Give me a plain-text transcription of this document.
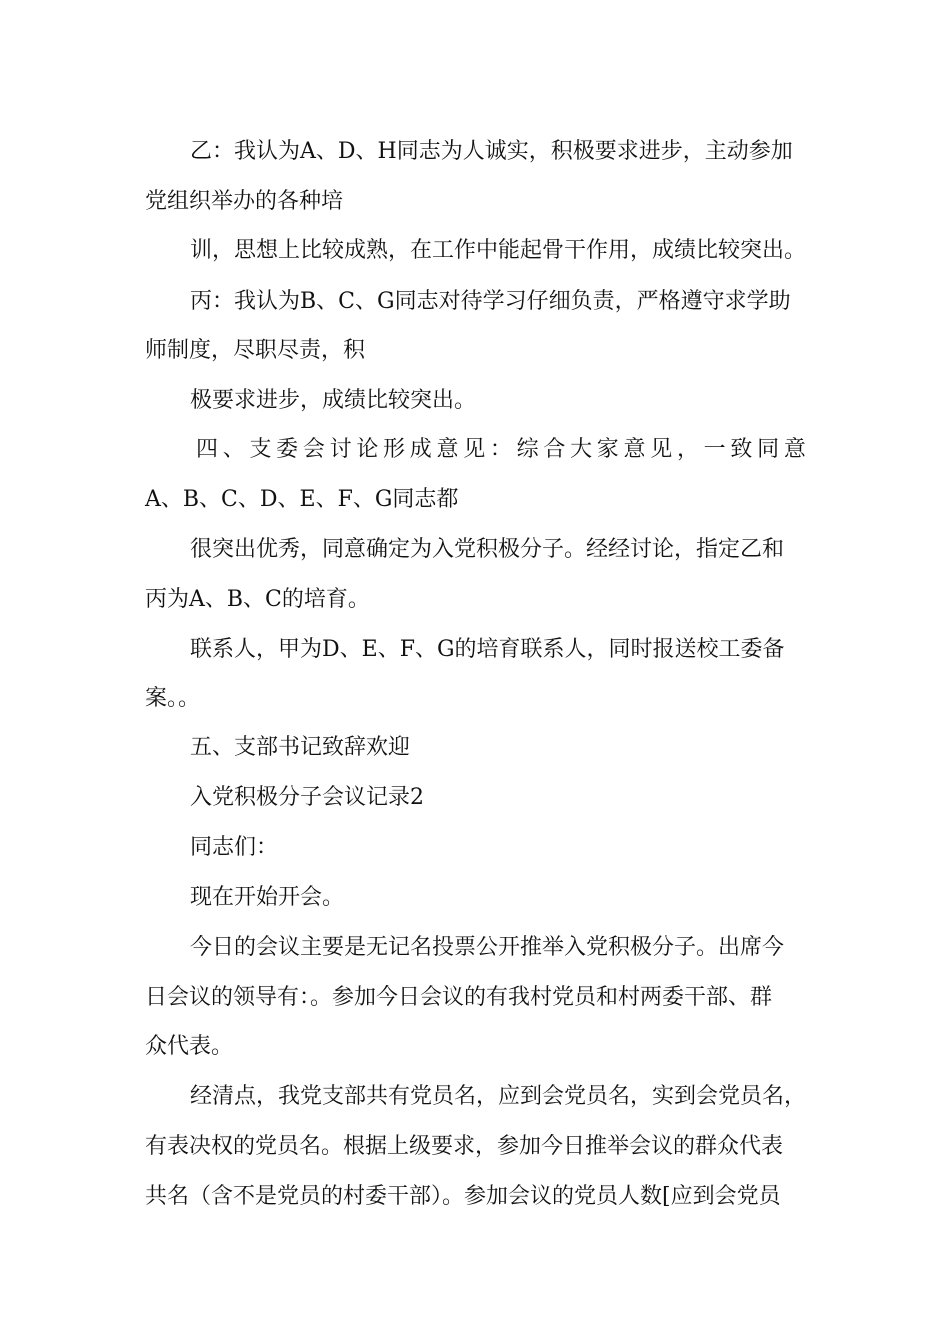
乙：我认为A、D、H同志为人诚实，积极要求进步，主动参加
党组织举办的各种培
训，思想上比较成熟，在工作中能起骨干作用，成绩比较突出。
丙：我认为B、C、G同志对待学习仔细负责，严格遵守求学助
师制度，尽职尽责，积
极要求进步，成绩比较突出。
四 、 支 委 会 讨 论 形 成 意 见 ： 综 合 大 家 意 见 ， 一 致 同 意
A、B、C、D、E、F、G同志都
很突出优秀，同意确定为入党积极分子。经经讨论，指定乙和
丙为A、B、C的培育。
联系人，甲为D、E、F、G的培育联系人，同时报送校工委备
案。。
五、支部书记致辞欢迎
入党积极分子会议记录2
同志们：
现在开始开会。
今日的会议主要是无记名投票公开推举入党积极分子。出席今
日会议的领导有：。参加今日会议的有我村党员和村两委干部、群
众代表。
经清点，我党支部共有党员名，应到会党员名，实到会党员名，
有表决权的党员名。根据上级要求，参加今日推举会议的群众代表
共名（含不是党员的村委干部）。参加会议的党员人数[应到会党员
